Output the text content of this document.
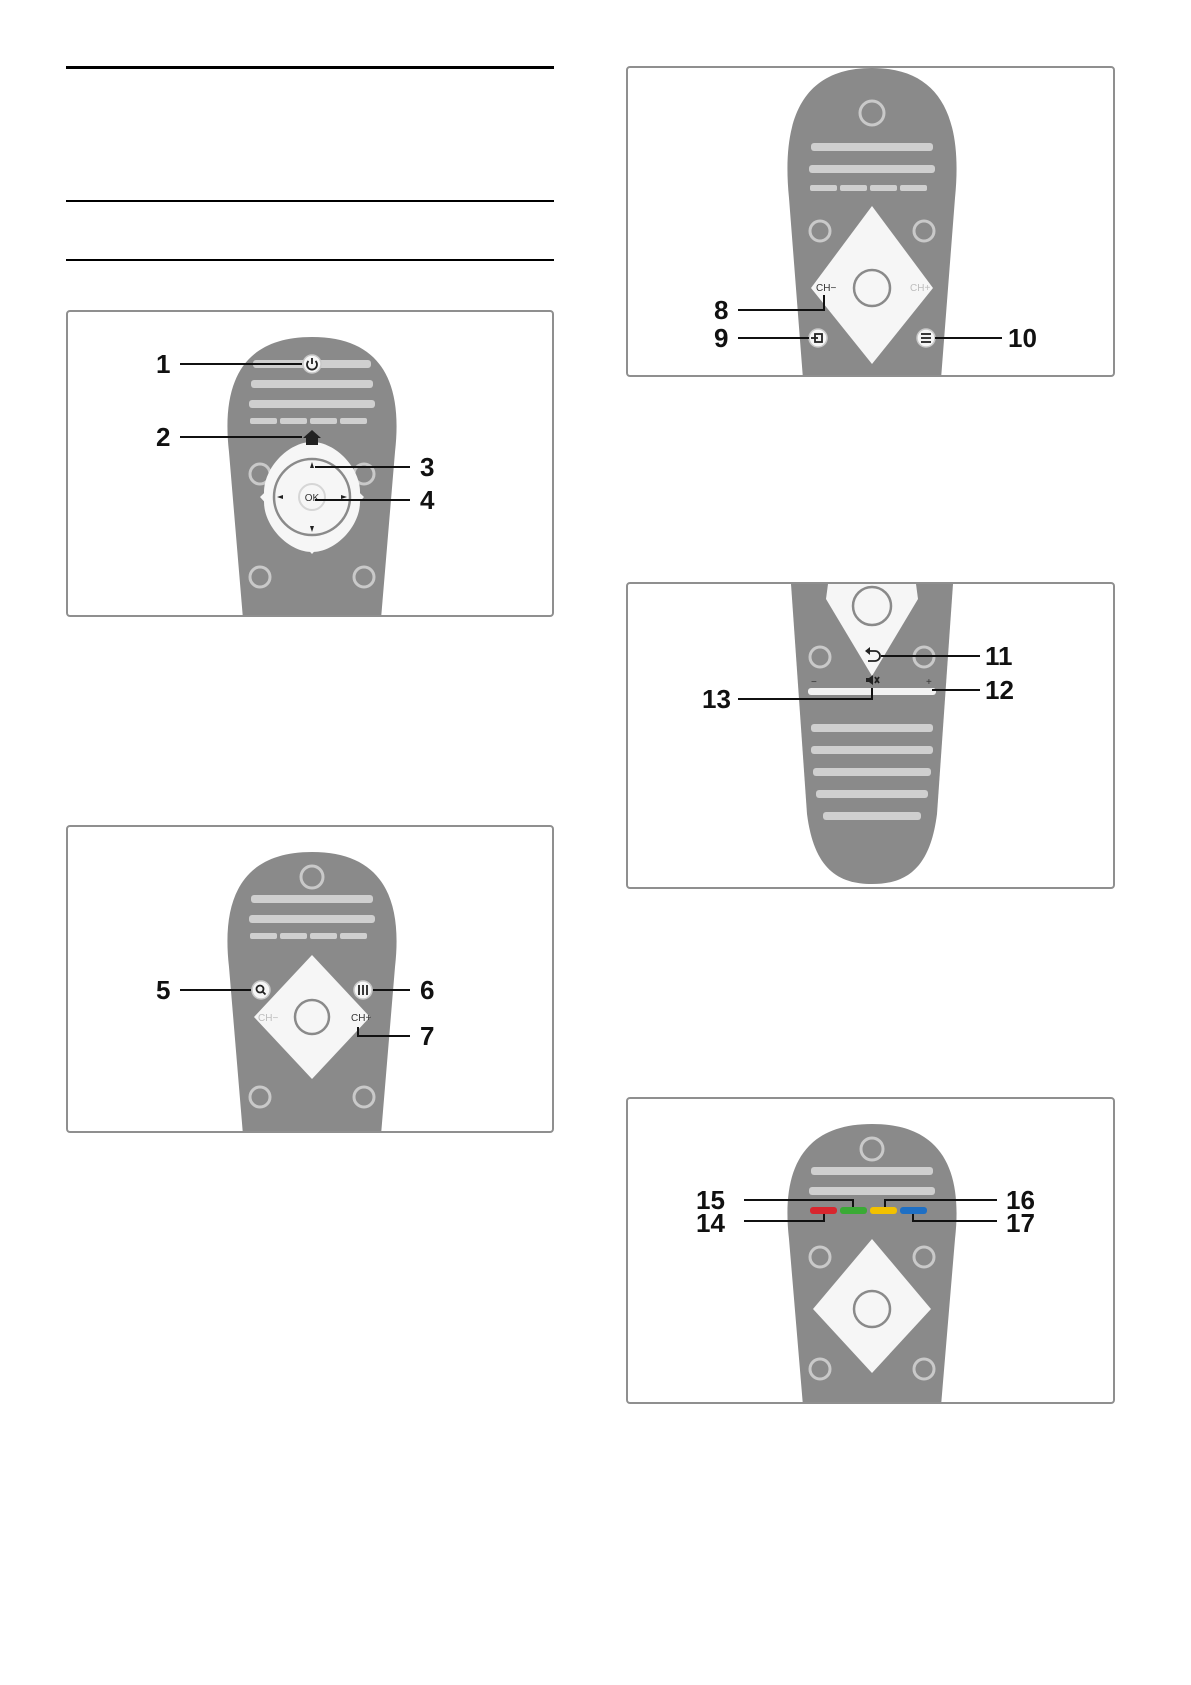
OK
1
2
3
4
CH−	CH+
5	6
7
CH−	CH+
8
9	10
−	+
11
12
13
15
14
16
17
